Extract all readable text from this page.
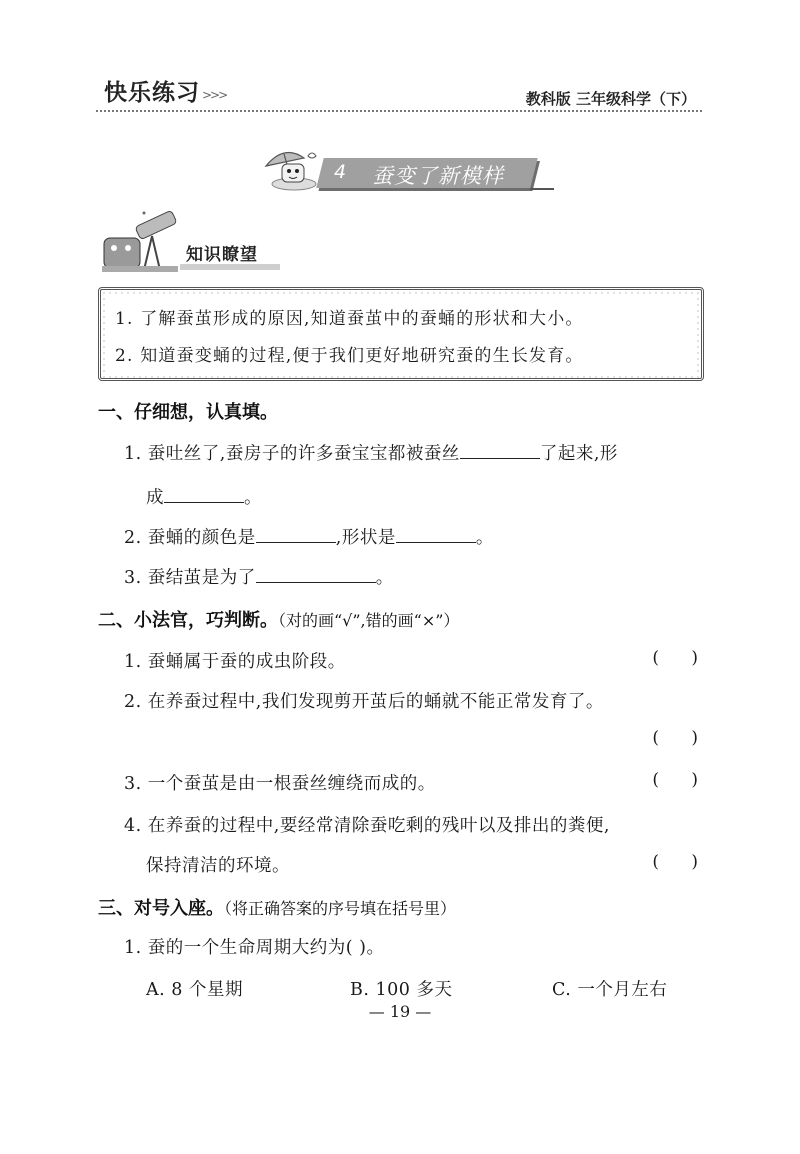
快乐练习 >>>	教科版 三年级科学（下）
4 蚕变了新模样
知识瞭望
1. 了解蚕茧形成的原因,知道蚕茧中的蚕蛹的形状和大小。
2. 知道蚕变蛹的过程,便于我们更好地研究蚕的生长发育。
一、仔细想，认真填。
1. 蚕吐丝了,蚕房子的许多蚕宝宝都被蚕丝	了起来,形
成	。
2. 蚕蛹的颜色是	,形状是	。
3. 蚕结茧是为了	。
二、小法官，巧判断。（对的画“√”,错的画“×”）
1. 蚕蛹属于蚕的成虫阶段。	(      )
2. 在养蚕过程中,我们发现剪开茧后的蛹就不能正常发育了。
(      )
3. 一个蚕茧是由一根蚕丝缠绕而成的。	(      )
4. 在养蚕的过程中,要经常清除蚕吃剩的残叶以及排出的粪便,
保持清洁的环境。	(      )
三、对号入座。（将正确答案的序号填在括号里）
1. 蚕的一个生命周期大约为( )。
A. 8 个星期	B. 100 多天	C. 一个月左右
— 19 —
